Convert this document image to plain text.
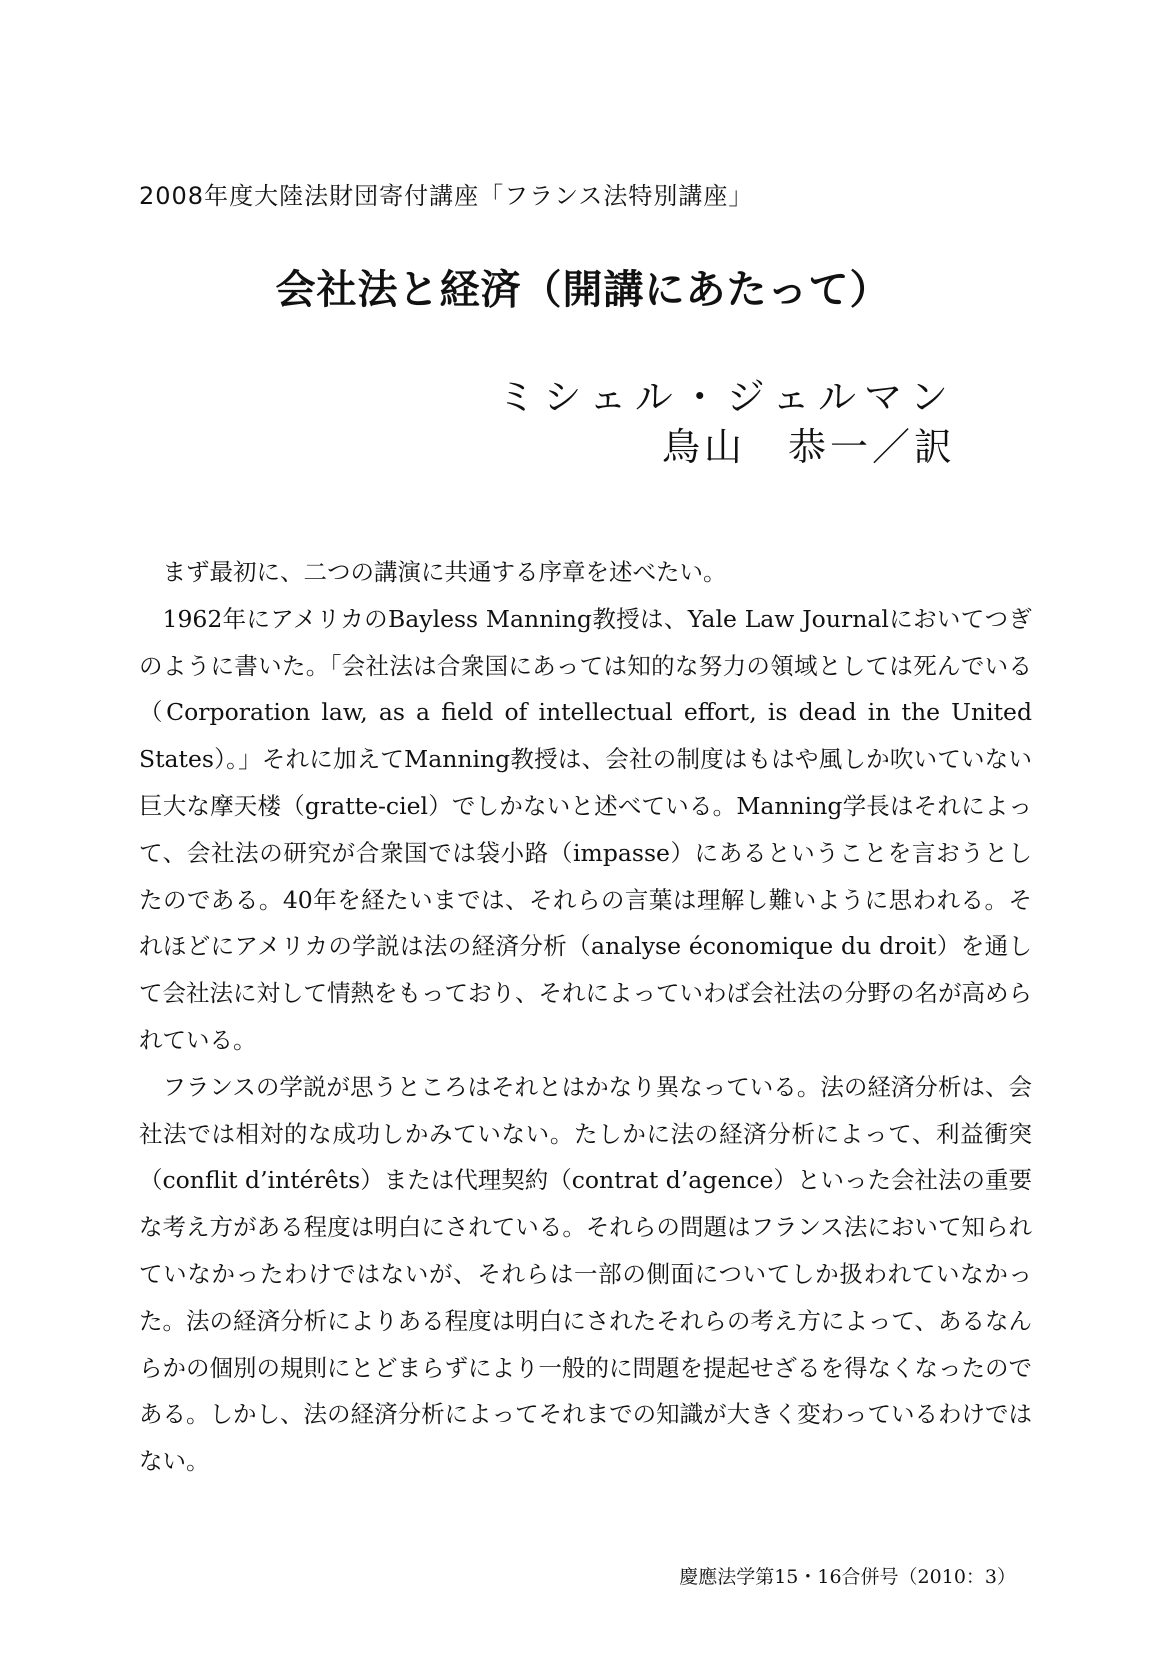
2008年度大陸法財団寄付講座「フランス法特別講座」
会社法と経済（開講にあたって）
ミシェル・ジェルマン
鳥山　恭一／訳

まず最初に、二つの講演に共通する序章を述べたい。

1962年にアメリカのBayless Manning教授は、Yale Law Journalにおいてつぎのように書いた。「会社法は合衆国にあっては知的な努力の領域としては死んでいる（Corporation law, as a field of intellectual effort, is dead in the United States）。」それに加えてManning教授は、会社の制度はもはや風しか吹いていない巨大な摩天楼（gratte-ciel）でしかないと述べている。Manning学長はそれによって、会社法の研究が合衆国では袋小路（impasse）にあるということを言おうとしたのである。40年を経たいまでは、それらの言葉は理解し難いように思われる。それほどにアメリカの学説は法の経済分析（analyse économique du droit）を通して会社法に対して情熱をもっており、それによっていわば会社法の分野の名が高められている。

フランスの学説が思うところはそれとはかなり異なっている。法の経済分析は、会社法では相対的な成功しかみていない。たしかに法の経済分析によって、利益衝突（conflit d’intérêts）または代理契約（contrat d’agence）といった会社法の重要な考え方がある程度は明白にされている。それらの問題はフランス法において知られていなかったわけではないが、それらは一部の側面についてしか扱われていなかった。法の経済分析によりある程度は明白にされたそれらの考え方によって、あるなんらかの個別の規則にとどまらずにより一般的に問題を提起せざるを得なくなったのである。しかし、法の経済分析によってそれまでの知識が大きく変わっているわけではない。

慶應法学第15・16合併号（2010：3）
